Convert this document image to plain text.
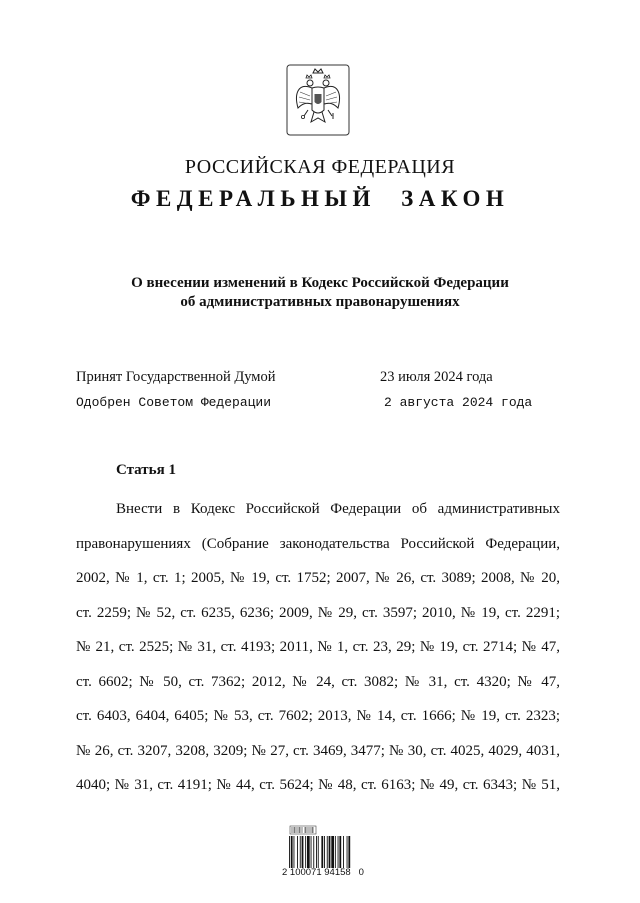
РОССИЙСКАЯ ФЕДЕРАЦИЯ
ФЕДЕРАЛЬНЫЙ ЗАКОН
О внесении изменений в Кодекс Российской Федерации
об административных правонарушениях
Принят Государственной Думой	23 июля 2024 года
Одобрен Советом Федерации	2 августа 2024 года
Статья 1
Внести в Кодекс Российской Федерации об административных
правонарушениях (Собрание законодательства Российской Федерации,
2002, № 1, ст. 1; 2005, № 19, ст. 1752; 2007, № 26, ст. 3089; 2008, № 20,
ст. 2259; № 52, ст. 6235, 6236; 2009, № 29, ст. 3597; 2010, № 19, ст. 2291;
№ 21, ст. 2525; № 31, ст. 4193; 2011, № 1, ст. 23, 29; № 19, ст. 2714; № 47,
ст. 6602; № 50, ст. 7362; 2012, № 24, ст. 3082; № 31, ст. 4320; № 47,
ст. 6403, 6404, 6405; № 53, ст. 7602; 2013, № 14, ст. 1666; № 19, ст. 2323;
№ 26, ст. 3207, 3208, 3209; № 27, ст. 3469, 3477; № 30, ст. 4025, 4029, 4031,
4040; № 31, ст. 4191; № 44, ст. 5624; № 48, ст. 6163; № 49, ст. 6343; № 51,
2 100071 94158   0
